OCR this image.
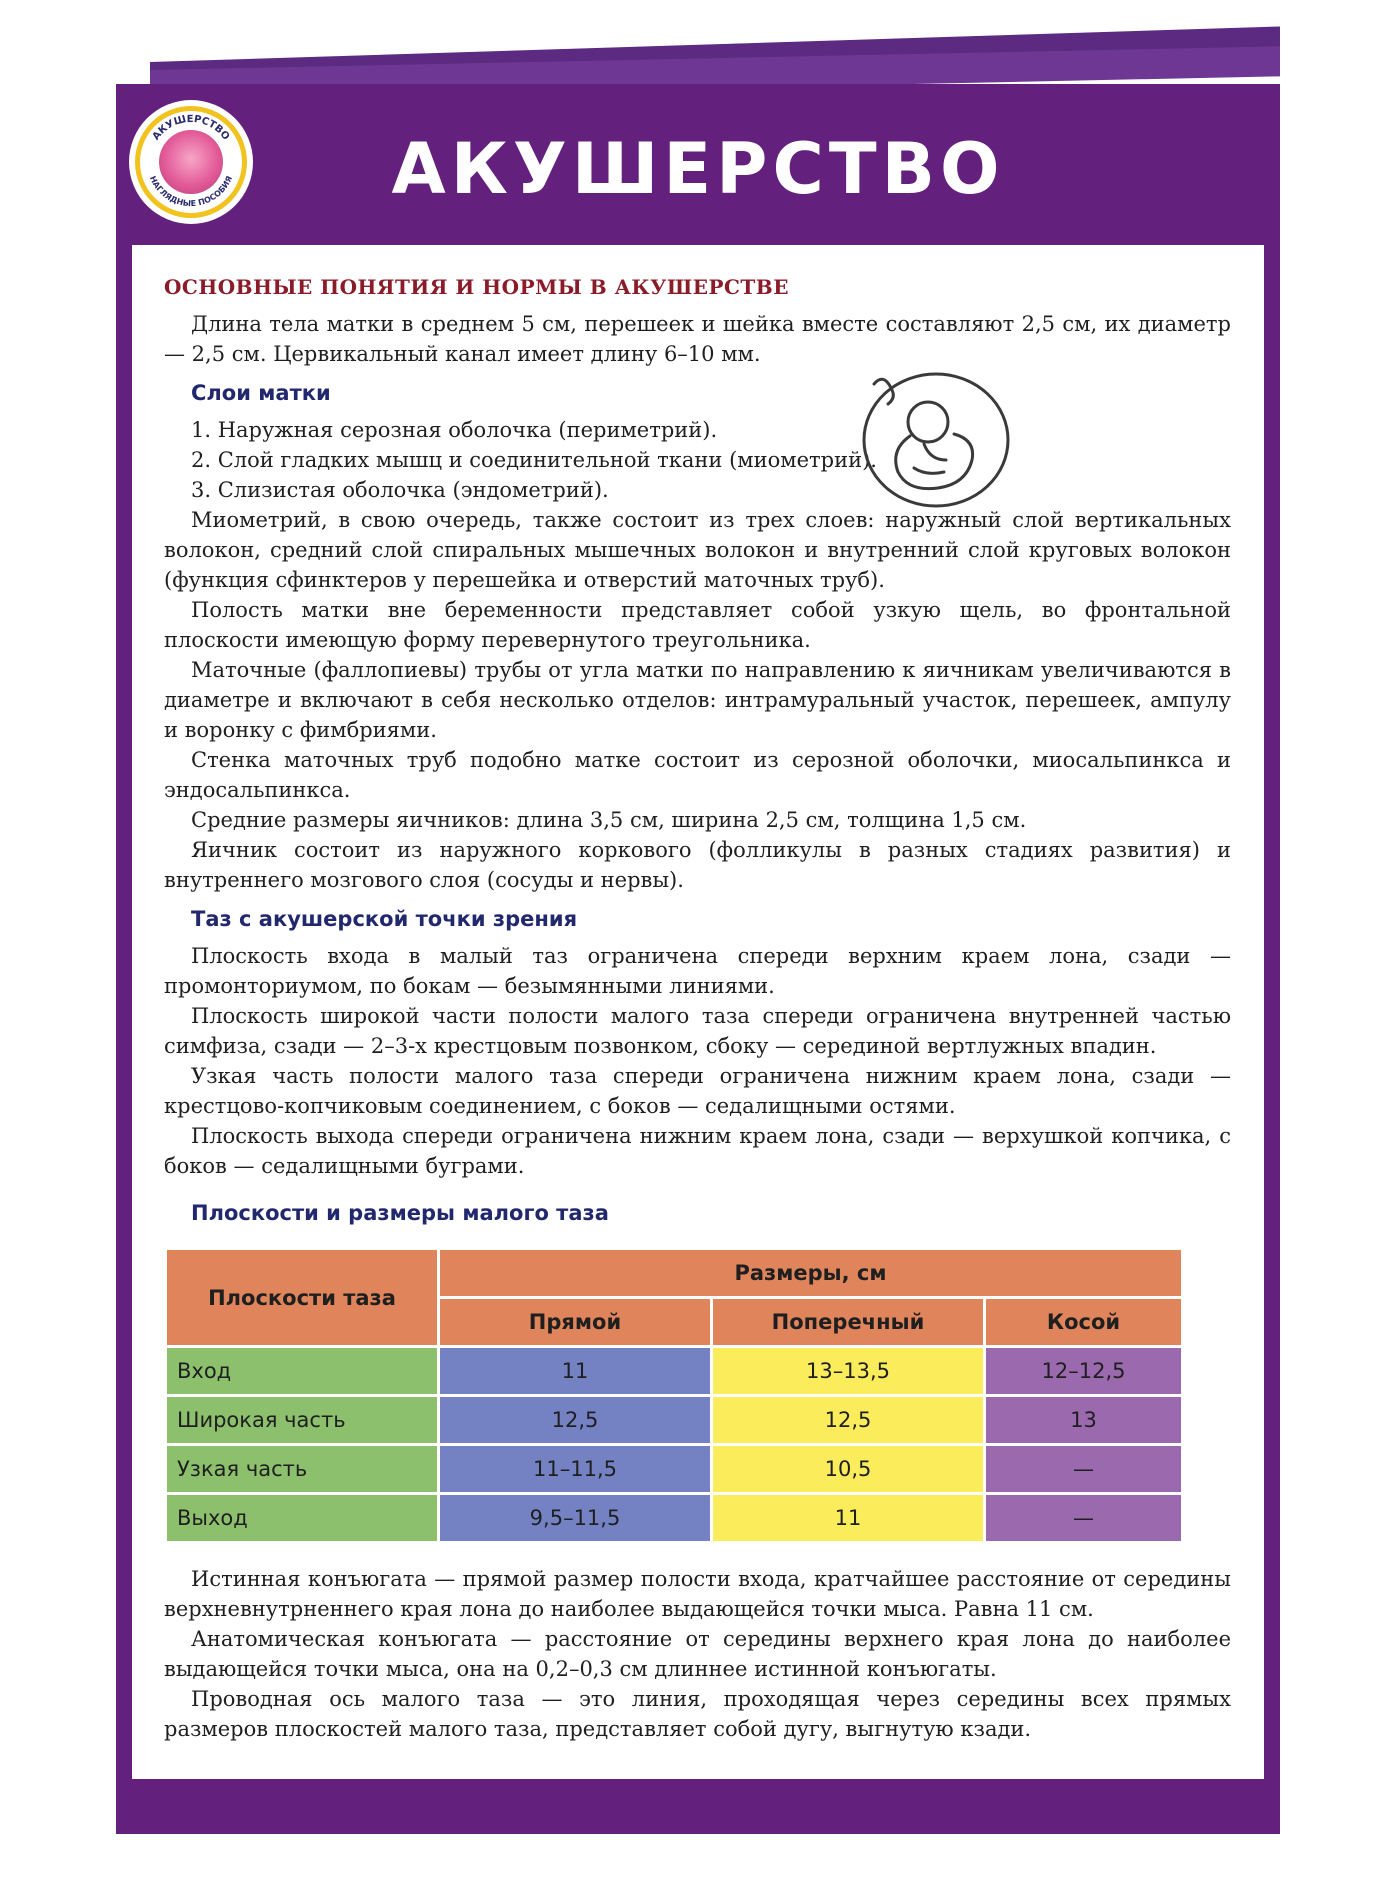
АКУШЕРСТВО
НАГЛЯДНЫЕ ПОСОБИЯ	АКУШЕРСТВО
ОСНОВНЫЕ ПОНЯТИЯ И НОРМЫ В АКУШЕРСТВЕ

Длина тела матки в среднем 5 см, перешеек и шейка вместе составляют 2,5 см, их диаметр — 2,5 см. Цервикальный канал имеет длину 6–10 мм.

Слои матки

1. Наружная серозная оболочка (периметрий).

2. Слой гладких мышц и соединительной ткани (миометрий).

3. Слизистая оболочка (эндометрий).

Миометрий, в свою очередь, также состоит из трех слоев: наружный слой вертикальных волокон, средний слой спиральных мышечных волокон и внутренний слой круговых волокон (функция сфинктеров у перешейка и отверстий маточных труб).

Полость матки вне беременности представляет собой узкую щель, во фронтальной плоскости имеющую форму перевернутого треугольника.

Маточные (фаллопиевы) трубы от угла матки по направлению к яичникам увеличиваются в диаметре и включают в себя несколько отделов: интрамуральный участок, перешеек, ампулу и воронку с фимбриями.

Стенка маточных труб подобно матке состоит из серозной оболочки, миосальпинкса и эндосальпинкса.

Средние размеры яичников: длина 3,5 см, ширина 2,5 см, толщина 1,5 см.

Яичник состоит из наружного коркового (фолликулы в разных стадиях развития) и внутреннего мозгового слоя (сосуды и нервы).

Таз с акушерской точки зрения

Плоскость входа в малый таз ограничена спереди верхним краем лона, сзади — промонториумом, по бокам — безымянными линиями.

Плоскость широкой части полости малого таза спереди ограничена внутренней частью симфиза, сзади — 2–3-х крестцовым позвонком, сбоку — серединой вертлужных впадин.

Узкая часть полости малого таза спереди ограничена нижним краем лона, сзади — крестцово-копчиковым соединением, с боков — седалищными остями.

Плоскость выхода спереди ограничена нижним краем лона, сзади — верхушкой копчика, с боков — седалищными буграми.

Плоскости и размеры малого таза
Плоскости таза	Размеры, см		
	Прямой	Поперечный	Косой
Вход	11	13–13,5	12–12,5
Широкая часть	12,5	12,5	13
Узкая часть	11–11,5	10,5	—
Выход	9,5–11,5	11	—

Истинная конъюгата — прямой размер полости входа, кратчайшее расстояние от середины верхневнутрненнего края лона до наиболее выдающейся точки мыса. Равна 11 см.

Анатомическая конъюгата — расстояние от середины верхнего края лона до наиболее выдающейся точки мыса, она на 0,2–0,3 см длиннее истинной конъюгаты.

Проводная ось малого таза — это линия, проходящая через середины всех прямых размеров плоскостей малого таза, представляет собой дугу, выгнутую кзади.
